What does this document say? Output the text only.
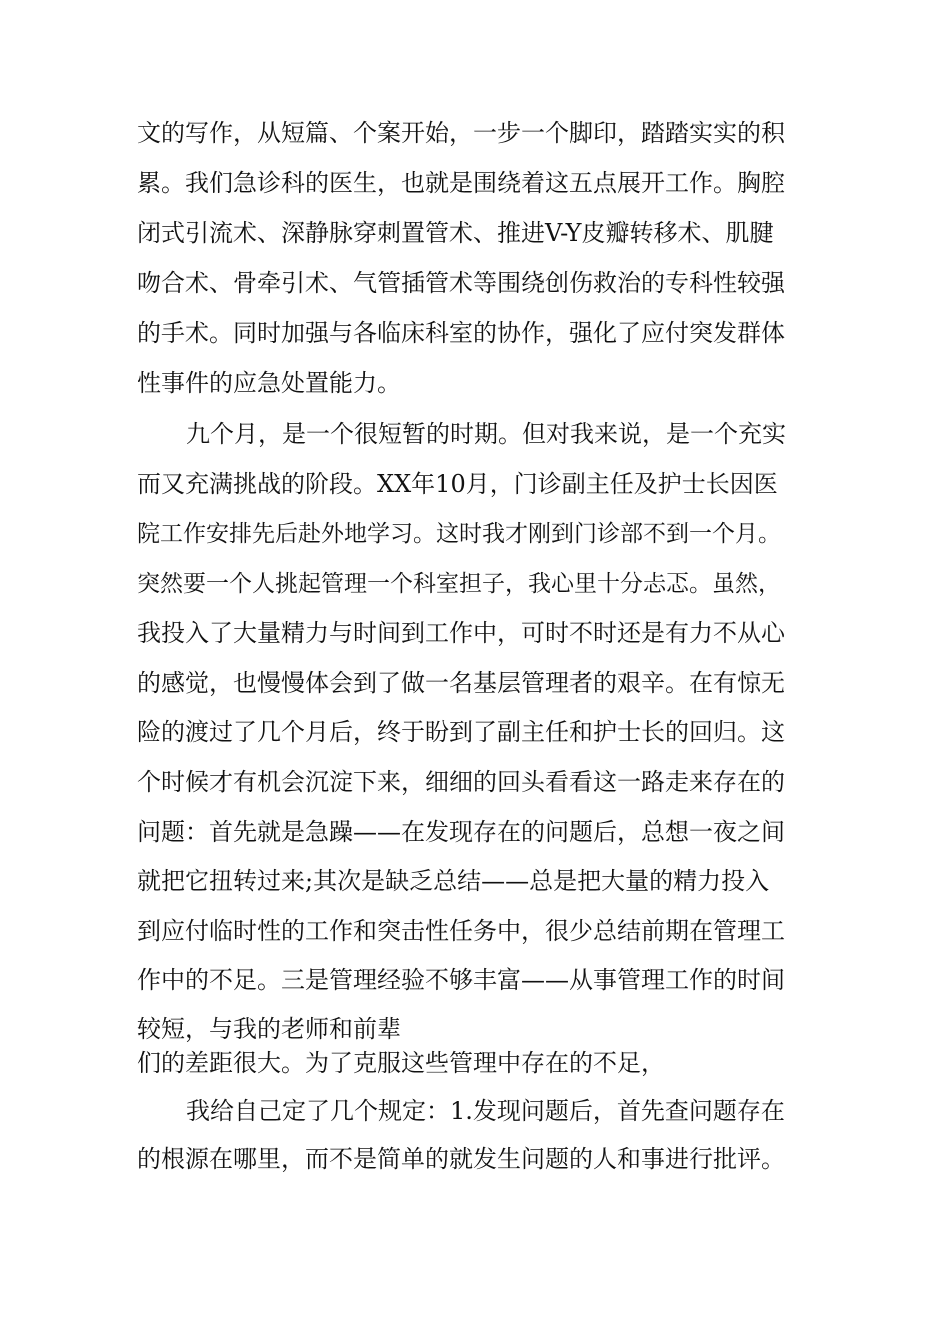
文的写作，从短篇、个案开始，一步一个脚印，踏踏实实的积

累。我们急诊科的医生，也就是围绕着这五点展开工作。胸腔

闭式引流术、深静脉穿刺置管术、推进V-Y皮瓣转移术、肌腱

吻合术、骨牵引术、气管插管术等围绕创伤救治的专科性较强

的手术。同时加强与各临床科室的协作，强化了应付突发群体

性事件的应急处置能力。

九个月，是一个很短暂的时期。但对我来说，是一个充实

而又充满挑战的阶段。XX年10月，门诊副主任及护士长因医

院工作安排先后赴外地学习。这时我才刚到门诊部不到一个月。

突然要一个人挑起管理一个科室担子，我心里十分忐忑。虽然，

我投入了大量精力与时间到工作中，可时不时还是有力不从心

的感觉，也慢慢体会到了做一名基层管理者的艰辛。在有惊无

险的渡过了几个月后，终于盼到了副主任和护士长的回归。这

个时候才有机会沉淀下来，细细的回头看看这一路走来存在的

问题：首先就是急躁——在发现存在的问题后，总想一夜之间

就把它扭转过来;其次是缺乏总结——总是把大量的精力投入

到应付临时性的工作和突击性任务中，很少总结前期在管理工

作中的不足。三是管理经验不够丰富——从事管理工作的时间

较短，与我的老师和前辈

们的差距很大。为了克服这些管理中存在的不足，

我给自己定了几个规定：1.发现问题后，首先查问题存在

的根源在哪里，而不是简单的就发生问题的人和事进行批评。
